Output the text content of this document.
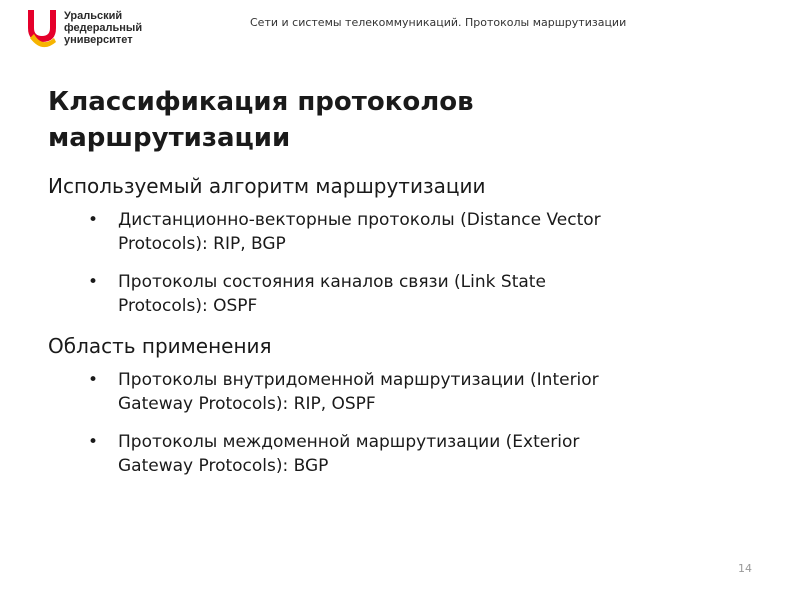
Уральский
федеральный
университет
Сети и системы телекоммуникаций. Протоколы маршрутизации
Классификация протоколов
маршрутизации

Используемый алгоритм маршрутизации

• Дистанционно-векторные протоколы (Distance Vector
Protocols): RIP, BGP
• Протоколы состояния каналов связи (Link State
Protocols): OSPF

Область применения

• Протоколы внутридоменной маршрутизации (Interior
Gateway Protocols): RIP, OSPF
• Протоколы междоменной маршрутизации (Exterior
Gateway Protocols): BGP
14
